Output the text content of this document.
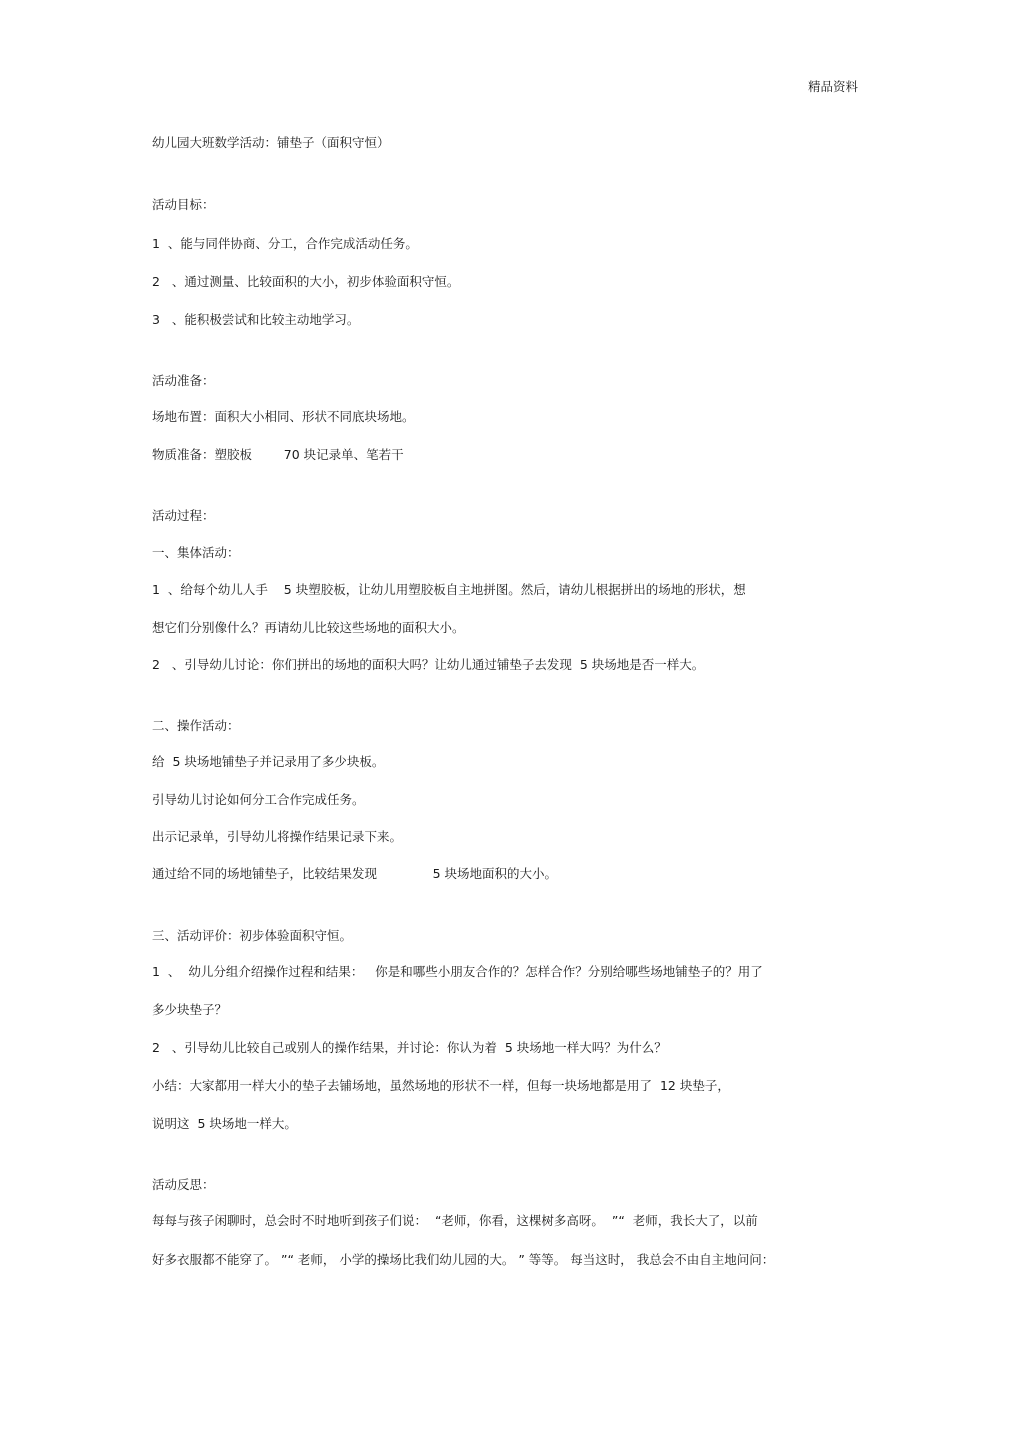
精品资料
幼儿园大班数学活动：铺垫子（面积守恒）
活动目标：
1  、能与同伴协商、分工，合作完成活动任务。
2   、通过测量、比较面积的大小，初步体验面积守恒。
3   、能积极尝试和比较主动地学习。
活动准备：
场地布置：面积大小相同、形状不同底块场地。
物质准备：塑胶板        70 块记录单、笔若干
活动过程：
一、集体活动：
1  、给每个幼儿人手    5 块塑胶板，让幼儿用塑胶板自主地拼图。然后，请幼儿根据拼出的场地的形状，想
想它们分别像什么？再请幼儿比较这些场地的面积大小。
2   、引导幼儿讨论：你们拼出的场地的面积大吗？让幼儿通过铺垫子去发现  5 块场地是否一样大。
二、操作活动：
给  5 块场地铺垫子并记录用了多少块板。
引导幼儿讨论如何分工合作完成任务。
出示记录单，引导幼儿将操作结果记录下来。
通过给不同的场地铺垫子，比较结果发现              5 块场地面积的大小。
三、活动评价：初步体验面积守恒。
1  、  幼儿分组介绍操作过程和结果：   你是和哪些小朋友合作的？怎样合作？分别给哪些场地铺垫子的？用了
多少块垫子？
2   、引导幼儿比较自己或别人的操作结果，并讨论：你认为着  5 块场地一样大吗？为什么？
小结：大家都用一样大小的垫子去铺场地，虽然场地的形状不一样，但每一块场地都是用了  12 块垫子，
说明这  5 块场地一样大。
活动反思：
每每与孩子闲聊时，总会时不时地听到孩子们说：  “老师，你看，这棵树多高呀。  ”“  老师，我长大了，以前
好多衣服都不能穿了。 ”“ 老师， 小学的操场比我们幼儿园的大。 ” 等等。 每当这时， 我总会不由自主地问问：
